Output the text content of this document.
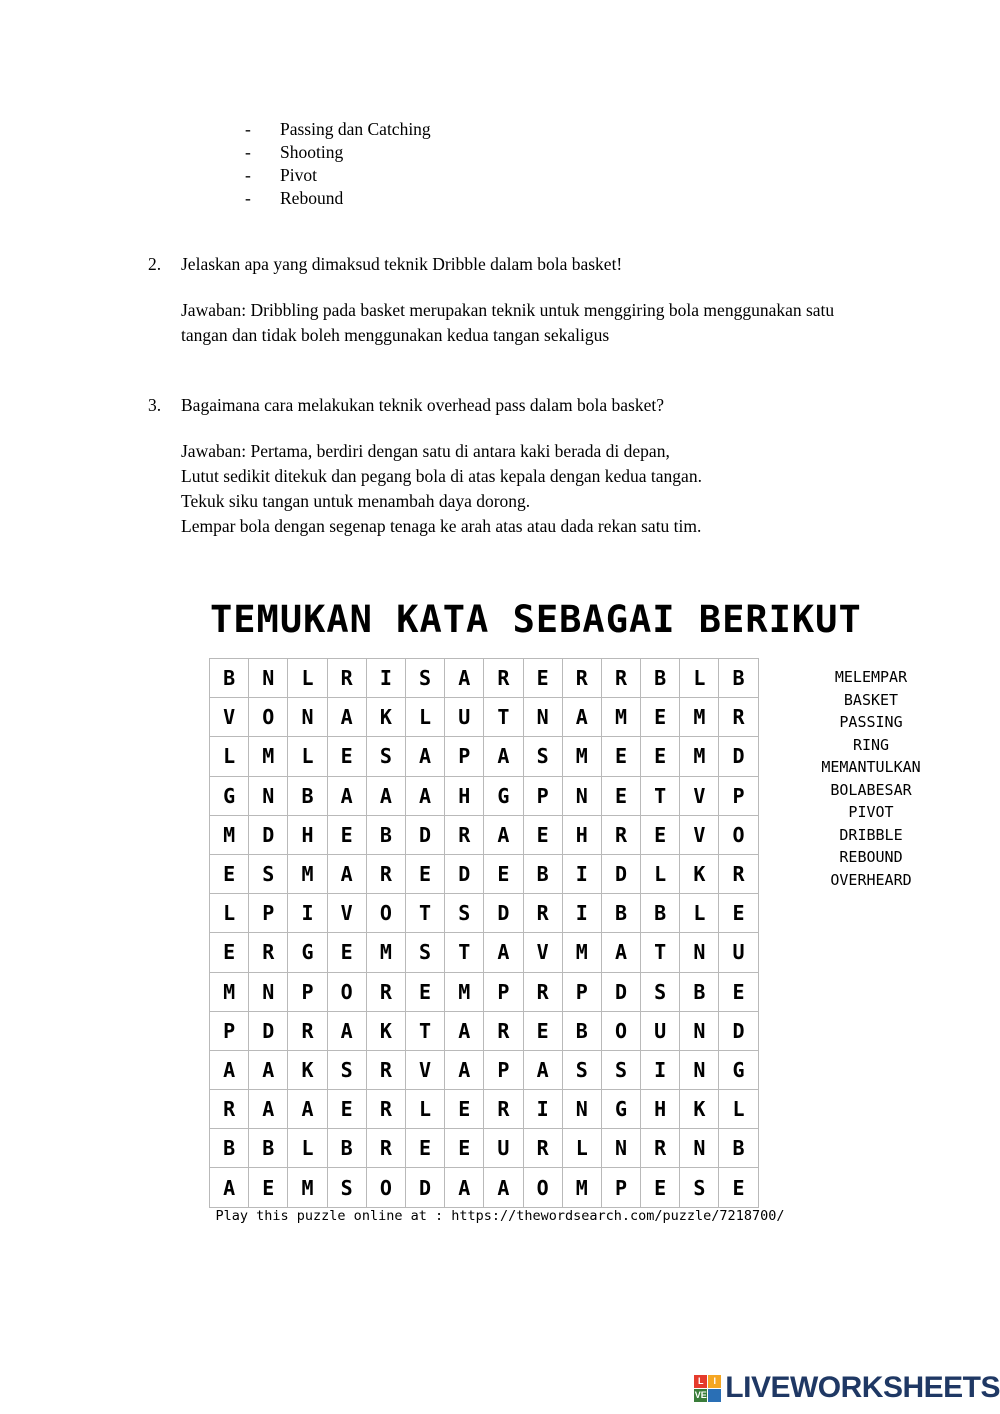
-	Passing dan Catching
-	Shooting
-	Pivot
-	Rebound
2.	Jelaskan apa yang dimaksud teknik Dribble dalam bola basket!
Jawaban: Dribbling pada basket merupakan teknik untuk menggiring bola menggunakan satu
tangan dan tidak boleh menggunakan kedua tangan sekaligus
3.	Bagaimana cara melakukan teknik overhead pass dalam bola basket?
Jawaban: Pertama, berdiri dengan satu di antara kaki berada di depan,
Lutut sedikit ditekuk dan pegang bola di atas kepala dengan kedua tangan.
Tekuk siku tangan untuk menambah daya dorong.
Lempar bola dengan segenap tenaga ke arah atas atau dada rekan satu tim.
TEMUKAN KATA SEBAGAI BERIKUT
B	N	L	R	I	S	A	R	E	R	R	B	L	B
V	O	N	A	K	L	U	T	N	A	M	E	M	R
L	M	L	E	S	A	P	A	S	M	E	E	M	D
G	N	B	A	A	A	H	G	P	N	E	T	V	P
M	D	H	E	B	D	R	A	E	H	R	E	V	O
E	S	M	A	R	E	D	E	B	I	D	L	K	R
L	P	I	V	O	T	S	D	R	I	B	B	L	E
E	R	G	E	M	S	T	A	V	M	A	T	N	U
M	N	P	O	R	E	M	P	R	P	D	S	B	E
P	D	R	A	K	T	A	R	E	B	O	U	N	D
A	A	K	S	R	V	A	P	A	S	S	I	N	G
R	A	A	E	R	L	E	R	I	N	G	H	K	L
B	B	L	B	R	E	E	U	R	L	N	R	N	B
A	E	M	S	O	D	A	A	O	M	P	E	S	E
MELEMPAR
BASKET
PASSING
RING
MEMANTULKAN
BOLABESAR
PIVOT
DRIBBLE
REBOUND
OVERHEARD
Play this puzzle online at : https://thewordsearch.com/puzzle/7218700/
L	I
VE LIVEWORKSHEETS
